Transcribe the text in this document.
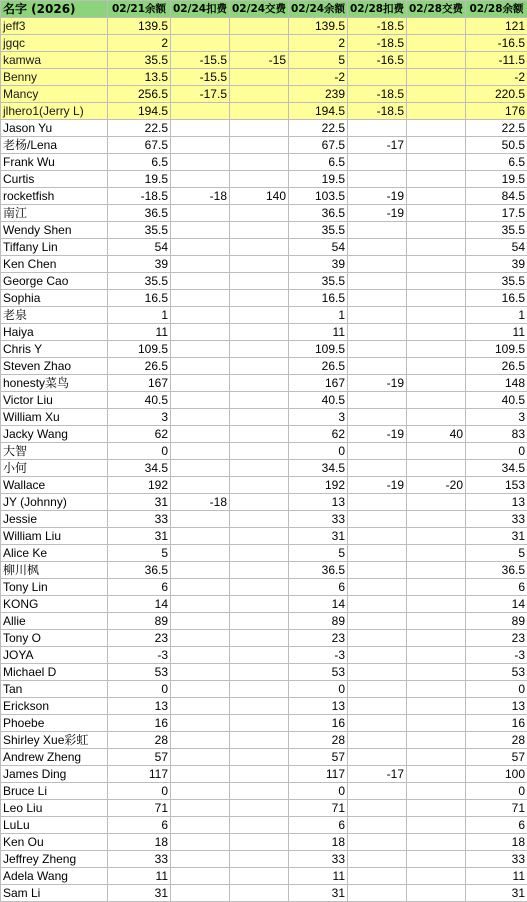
名字 (2026)	02/21余额	02/24扣费	02/24交费	02/24余额	02/28扣费	02/28交费	02/28余额
jeff3	139.5			139.5	-18.5		121
jgqc	2			2	-18.5		-16.5
kamwa	35.5	-15.5	-15	5	-16.5		-11.5
Benny	13.5	-15.5		-2			-2
Mancy	256.5	-17.5		239	-18.5		220.5
jlhero1(Jerry L)	194.5			194.5	-18.5		176
Jason Yu	22.5			22.5			22.5
老杨/Lena	67.5			67.5	-17		50.5
Frank Wu	6.5			6.5			6.5
Curtis	19.5			19.5			19.5
rocketfish	-18.5	-18	140	103.5	-19		84.5
南江	36.5			36.5	-19		17.5
Wendy Shen	35.5			35.5			35.5
Tiffany Lin	54			54			54
Ken Chen	39			39			39
George Cao	35.5			35.5			35.5
Sophia	16.5			16.5			16.5
老泉	1			1			1
Haiya	11			11			11
Chris Y	109.5			109.5			109.5
Steven Zhao	26.5			26.5			26.5
honesty菜鸟	167			167	-19		148
Victor Liu	40.5			40.5			40.5
William Xu	3			3			3
Jacky Wang	62			62	-19	40	83
大智	0			0			0
小何	34.5			34.5			34.5
Wallace	192			192	-19	-20	153
JY (Johnny)	31	-18		13			13
Jessie	33			33			33
William Liu	31			31			31
Alice Ke	5			5			5
柳川枫	36.5			36.5			36.5
Tony Lin	6			6			6
KONG	14			14			14
Allie	89			89			89
Tony O	23			23			23
JOYA	-3			-3			-3
Michael D	53			53			53
Tan	0			0			0
Erickson	13			13			13
Phoebe	16			16			16
Shirley Xue彩虹	28			28			28
Andrew Zheng	57			57			57
James Ding	117			117	-17		100
Bruce Li	0			0			0
Leo Liu	71			71			71
LuLu	6			6			6
Ken Ou	18			18			18
Jeffrey Zheng	33			33			33
Adela Wang	11			11			11
Sam Li	31			31			31
